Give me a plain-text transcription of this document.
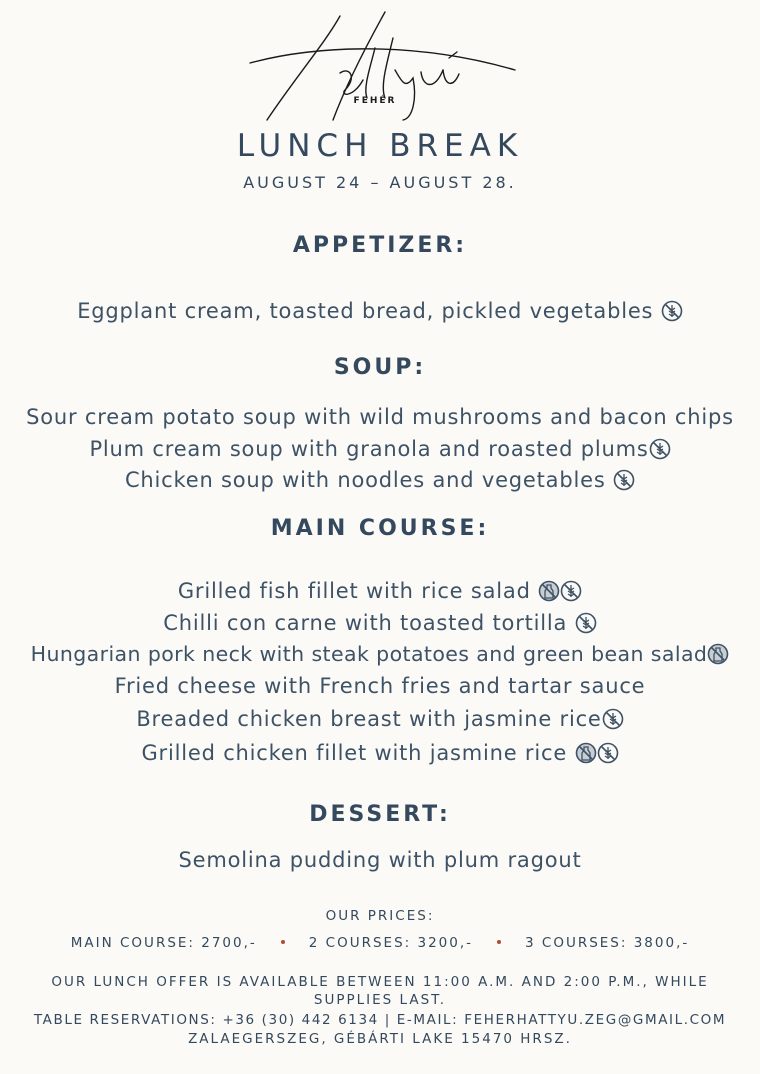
FEHÉR
LUNCH BREAK
AUGUST 24 – AUGUST 28.
APPETIZER:
Eggplant cream, toasted bread, pickled vegetables
SOUP:
Sour cream potato soup with wild mushrooms and bacon chips
Plum cream soup with granola and roasted plums
Chicken soup with noodles and vegetables
MAIN COURSE:
Grilled fish fillet with rice salad
Chilli con carne with toasted tortilla
Hungarian pork neck with steak potatoes and green bean salad
Fried cheese with French fries and tartar sauce
Breaded chicken breast with jasmine rice
Grilled chicken fillet with jasmine rice
DESSERT:
Semolina pudding with plum ragout
OUR PRICES:
MAIN COURSE: 2700,-	2 COURSES: 3200,-	3 COURSES: 3800,-
OUR LUNCH OFFER IS AVAILABLE BETWEEN 11:00 A.M. AND 2:00 P.M., WHILE
SUPPLIES LAST.
TABLE RESERVATIONS: +36 (30) 442 6134 | E-MAIL: FEHERHATTYU.ZEG@GMAIL.COM
ZALAEGERSZEG, GÉBÁRTI LAKE 15470 HRSZ.
